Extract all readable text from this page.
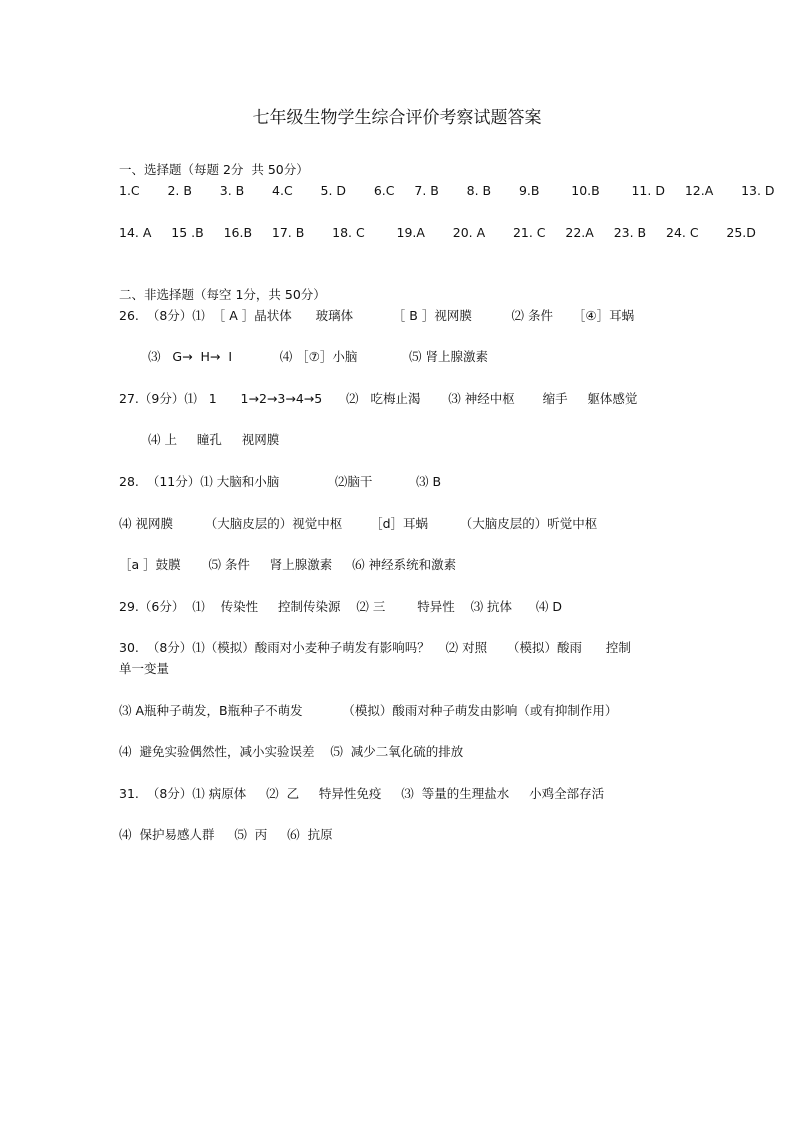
七年级生物学生综合评价考察试题答案
一、选择题（每题 2分  共 50分）
1.C       2. B       3. B       4.C       5. D       6.C     7. B       8. B       9.B        10.B        11. D     12.A       13. D
14. A     15 .B     16.B     17. B       18. C        19.A       20. A       21. C     22.A     23. B     24. C       25.D
二、非选择题（每空 1分，共 50分）
26.  （8分）⑴  ［ A ］晶状体      玻璃体          ［ B ］视网膜          ⑵ 条件     ［④］耳蜗
⑶   G→  H→  I            ⑷ ［⑦］小脑             ⑸ 肾上腺激素
27.（9分）⑴   1      1→2→3→4→5      ⑵   吃梅止渴       ⑶ 神经中枢       缩手     躯体感觉
⑷ 上     瞳孔     视网膜
28.  （11分）⑴ 大脑和小脑              ⑵脑干           ⑶ B
⑷ 视网膜        （大脑皮层的）视觉中枢       ［d］耳蜗        （大脑皮层的）听觉中枢
［a ］鼓膜       ⑸ 条件     肾上腺激素     ⑹ 神经系统和激素
29.（6分）  ⑴    传染性     控制传染源    ⑵ 三        特异性    ⑶ 抗体      ⑷ D
30.  （8分）⑴（模拟）酸雨对小麦种子萌发有影响吗？    ⑵ 对照     （模拟）酸雨      控制
单一变量
⑶ A瓶种子萌发，B瓶种子不萌发          （模拟）酸雨对种子萌发由影响（或有抑制作用）
⑷  避免实验偶然性，减小实验误差    ⑸  减少二氧化硫的排放
31.  （8分）⑴ 病原体     ⑵  乙     特异性免疫     ⑶  等量的生理盐水     小鸡全部存活
⑷  保护易感人群     ⑸  丙     ⑹  抗原
